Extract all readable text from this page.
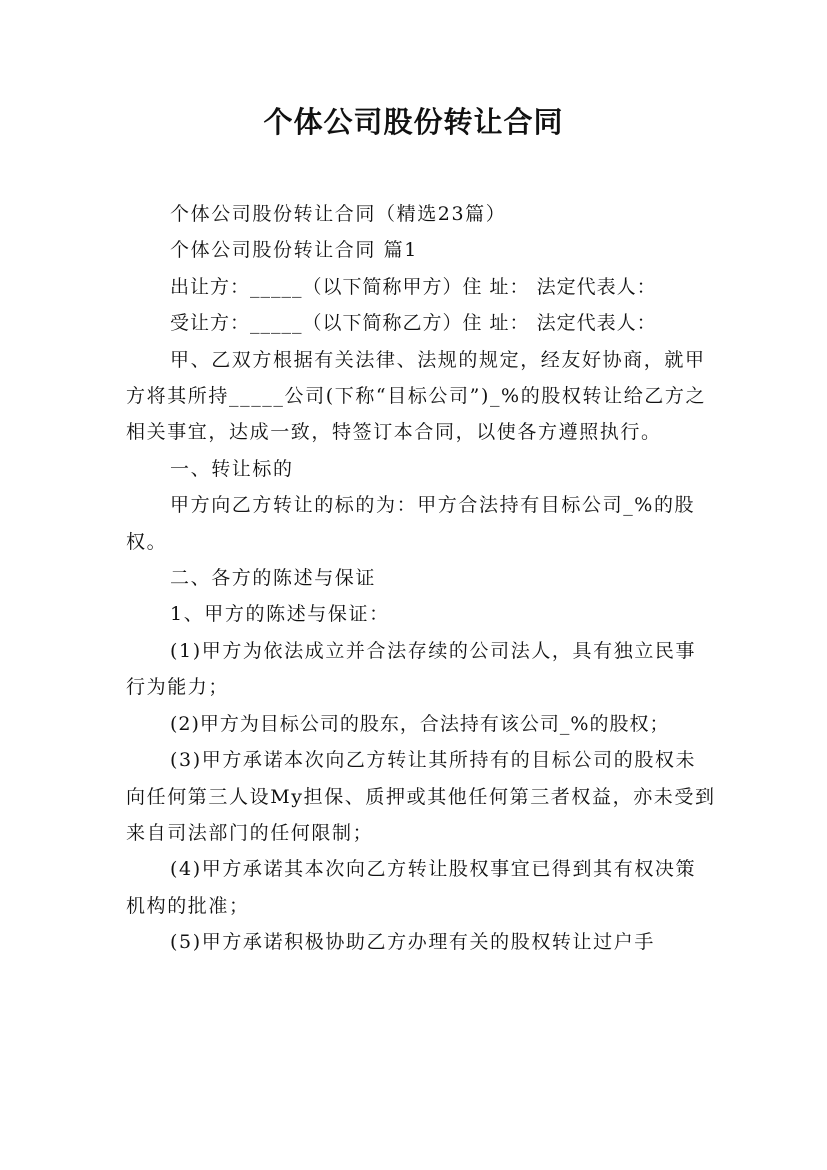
个体公司股份转让合同

个体公司股份转让合同（精选23篇）

个体公司股份转让合同 篇1

出让方：_____（以下简称甲方）住 址： 法定代表人：

受让方：_____（以下简称乙方）住 址： 法定代表人：

甲、乙双方根据有关法律、法规的规定，经友好协商，就甲方将其所持_____公司(下称“目标公司”)_%的股权转让给乙方之相关事宜，达成一致，特签订本合同，以使各方遵照执行。

一、转让标的

甲方向乙方转让的标的为：甲方合法持有目标公司_%的股权。

二、各方的陈述与保证

1、甲方的陈述与保证：

(1)甲方为依法成立并合法存续的公司法人，具有独立民事行为能力；

(2)甲方为目标公司的股东，合法持有该公司_%的股权；

(3)甲方承诺本次向乙方转让其所持有的目标公司的股权未向任何第三人设My担保、质押或其他任何第三者权益，亦未受到来自司法部门的任何限制；

(4)甲方承诺其本次向乙方转让股权事宜已得到其有权决策机构的批准；

(5)甲方承诺积极协助乙方办理有关的股权转让过户手
